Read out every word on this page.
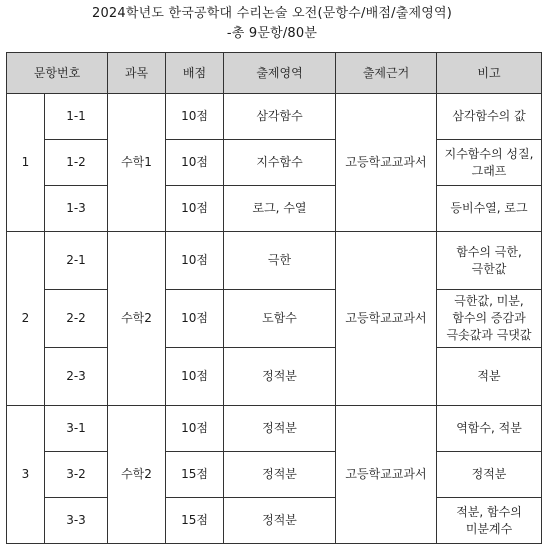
2024학년도 한국공학대 수리논술 오전(문항수/배점/출제영역)
-총 9문항/80분
문항번호		과목	배점	출제영역	출제근거	비고
1	1-1	수학1	10점	삼각함수	고등학교교과서	삼각함수의 값
	1-2		10점	지수함수		지수함수의 성질,
그래프
	1-3		10점	로그, 수열		등비수열, 로그
2	2-1	수학2	10점	극한	고등학교교과서	함수의 극한,
극한값
	2-2		10점	도함수		극한값, 미분,
함수의 증감과
극솟값과 극댓값
	2-3		10점	정적분		적분
3	3-1	수학2	10점	정적분	고등학교교과서	역함수, 적분
	3-2		15점	정적분		정적분
	3-3		15점	정적분		적분, 함수의
미분계수
